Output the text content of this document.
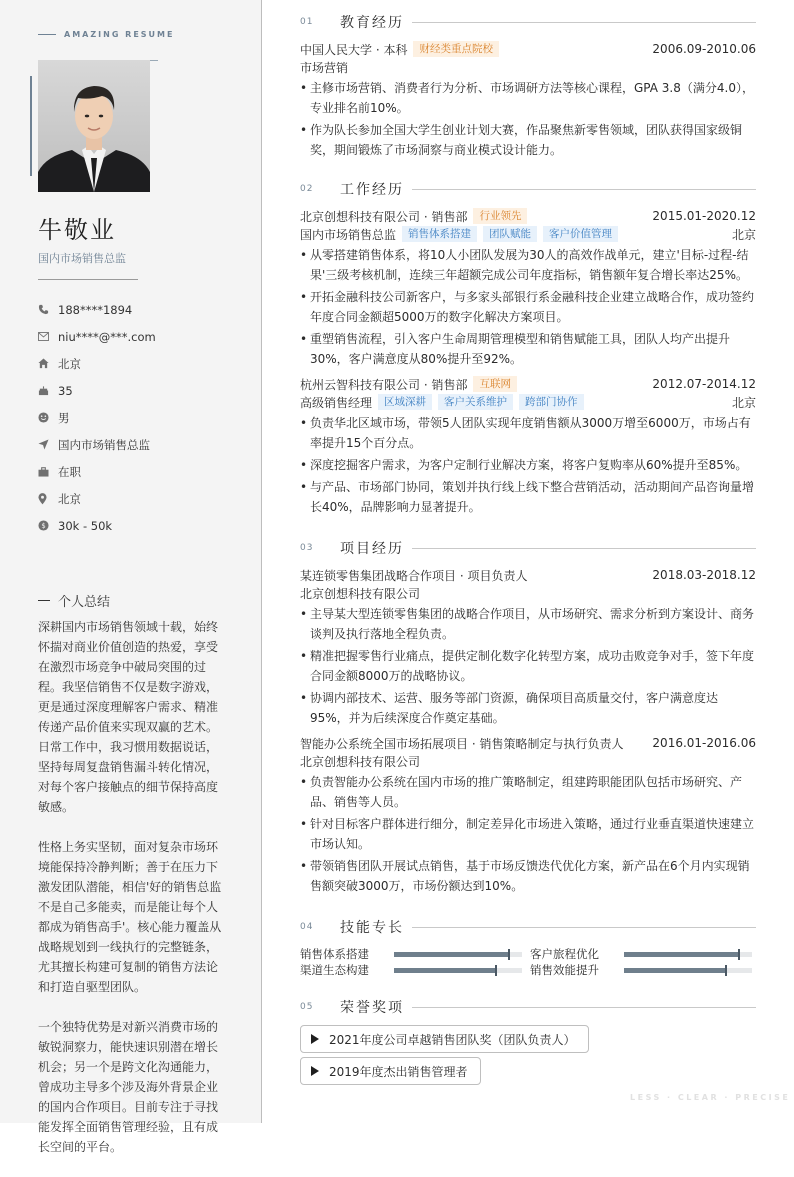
AMAZING RESUME
牛敬业
国内市场销售总监
188****1894
niu****@***.com
北京
35
男
国内市场销售总监
在职
北京
$ 30k - 50k
个人总结

深耕国内市场销售领域十载，始终怀揣对商业价值创造的热爱，享受在激烈市场竞争中破局突围的过程。我坚信销售不仅是数字游戏，更是通过深度理解客户需求、精准传递产品价值来实现双赢的艺术。日常工作中，我习惯用数据说话，坚持每周复盘销售漏斗转化情况，对每个客户接触点的细节保持高度敏感。

性格上务实坚韧，面对复杂市场环境能保持冷静判断；善于在压力下激发团队潜能，相信'好的销售总监不是自己多能卖，而是能让每个人都成为销售高手'。核心能力覆盖从战略规划到一线执行的完整链条，尤其擅长构建可复制的销售方法论和打造自驱型团队。

一个独特优势是对新兴消费市场的敏锐洞察力，能快速识别潜在增长机会；另一个是跨文化沟通能力，曾成功主导多个涉及海外背景企业的国内合作项目。目前专注于寻找能发挥全面销售管理经验，且有成长空间的平台。

01	教育经历
中国人民大学 · 本科	财经类重点院校	2006.09-2010.06
市场营销
• 主修市场营销、消费者行为分析、市场调研方法等核心课程，GPA 3.8（满分4.0），专业排名前10%。
• 作为队长参加全国大学生创业计划大赛，作品聚焦新零售领域，团队获得国家级铜奖，期间锻炼了市场洞察与商业模式设计能力。
02	工作经历
北京创想科技有限公司 · 销售部	行业领先	2015.01-2020.12
国内市场销售总监	销售体系搭建	团队赋能	客户价值管理	北京
• 从零搭建销售体系，将10人小团队发展为30人的高效作战单元，建立'目标-过程-结果'三级考核机制，连续三年超额完成公司年度指标，销售额年复合增长率达25%。
• 开拓金融科技公司新客户，与多家头部银行系金融科技企业建立战略合作，成功签约年度合同金额超5000万的数字化解决方案项目。
• 重塑销售流程，引入客户生命周期管理模型和销售赋能工具，团队人均产出提升30%，客户满意度从80%提升至92%。
杭州云智科技有限公司 · 销售部	互联网	2012.07-2014.12
高级销售经理	区域深耕	客户关系维护	跨部门协作	北京
• 负责华北区域市场，带领5人团队实现年度销售额从3000万增至6000万，市场占有率提升15个百分点。
• 深度挖掘客户需求，为客户定制行业解决方案，将客户复购率从60%提升至85%。
• 与产品、市场部门协同，策划并执行线上线下整合营销活动，活动期间产品咨询量增长40%，品牌影响力显著提升。
03	项目经历
某连锁零售集团战略合作项目 · 项目负责人	2018.03-2018.12
北京创想科技有限公司
• 主导某大型连锁零售集团的战略合作项目，从市场研究、需求分析到方案设计、商务谈判及执行落地全程负责。
• 精准把握零售行业痛点，提供定制化数字化转型方案，成功击败竞争对手，签下年度合同金额8000万的战略协议。
• 协调内部技术、运营、服务等部门资源，确保项目高质量交付，客户满意度达95%，并为后续深度合作奠定基础。
智能办公系统全国市场拓展项目 · 销售策略制定与执行负责人 2016.01-2016.06
北京创想科技有限公司
• 负责智能办公系统在国内市场的推广策略制定，组建跨职能团队包括市场研究、产品、销售等人员。
• 针对目标客户群体进行细分，制定差异化市场进入策略，通过行业垂直渠道快速建立市场认知。
• 带领销售团队开展试点销售，基于市场反馈迭代优化方案，新产品在6个月内实现销售额突破3000万，市场份额达到10%。
04	技能专长
销售体系搭建	客户旅程优化
渠道生态构建	销售效能提升
05	荣誉奖项
2021年度公司卓越销售团队奖（团队负责人）
2019年度杰出销售管理者
LESS · CLEAR · PRECISE
